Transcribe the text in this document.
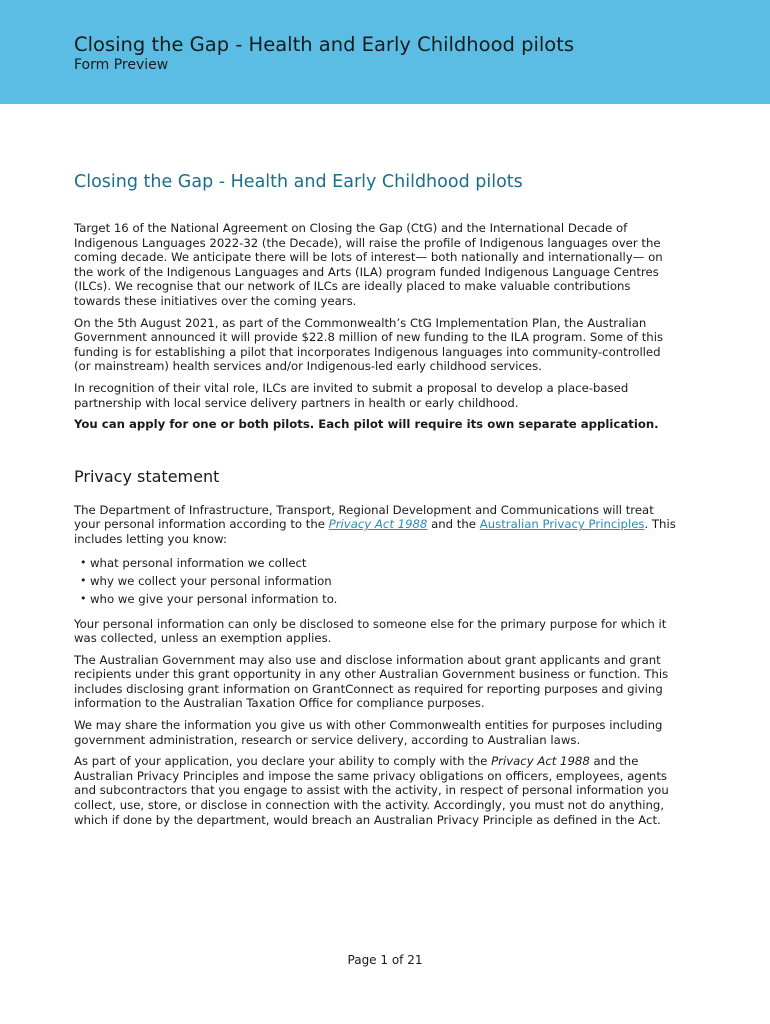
Closing the Gap - Health and Early Childhood pilots
Form Preview
Closing the Gap - Health and Early Childhood pilots

Target 16 of the National Agreement on Closing the Gap (CtG) and the International Decade of Indigenous Languages 2022-32 (the Decade), will raise the profile of Indigenous languages over the coming decade. We anticipate there will be lots of interest— both nationally and internationally— on the work of the Indigenous Languages and Arts (ILA) program funded Indigenous Language Centres (ILCs). We recognise that our network of ILCs are ideally placed to make valuable contributions towards these initiatives over the coming years.

On the 5th August 2021, as part of the Commonwealth’s CtG Implementation Plan, the Australian Government announced it will provide $22.8 million of new funding to the ILA program. Some of this funding is for establishing a pilot that incorporates Indigenous languages into community-controlled (or mainstream) health services and/or Indigenous-led early childhood services.

In recognition of their vital role, ILCs are invited to submit a proposal to develop a place-based partnership with local service delivery partners in health or early childhood.

You can apply for one or both pilots. Each pilot will require its own separate application.

Privacy statement

The Department of Infrastructure, Transport, Regional Development and Communications will treat your personal information according to the Privacy Act 1988 and the Australian Privacy Principles. This includes letting you know:

• what personal information we collect
• why we collect your personal information
• who we give your personal information to.

Your personal information can only be disclosed to someone else for the primary purpose for which it was collected, unless an exemption applies.

The Australian Government may also use and disclose information about grant applicants and grant recipients under this grant opportunity in any other Australian Government business or function. This includes disclosing grant information on GrantConnect as required for reporting purposes and giving information to the Australian Taxation Office for compliance purposes.

We may share the information you give us with other Commonwealth entities for purposes including government administration, research or service delivery, according to Australian laws.

As part of your application, you declare your ability to comply with the Privacy Act 1988 and the Australian Privacy Principles and impose the same privacy obligations on officers, employees, agents and subcontractors that you engage to assist with the activity, in respect of personal information you collect, use, store, or disclose in connection with the activity. Accordingly, you must not do anything, which if done by the department, would breach an Australian Privacy Principle as defined in the Act.

Page 1 of 21
